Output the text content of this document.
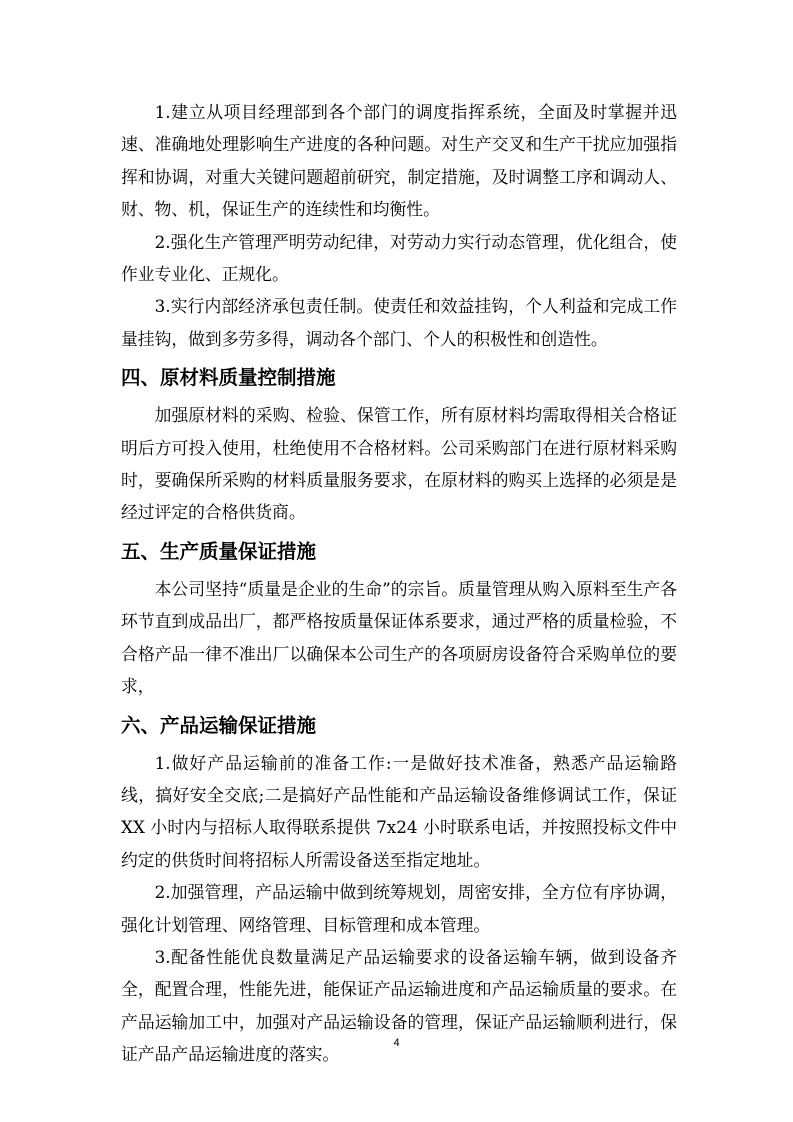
1.建立从项目经理部到各个部门的调度指挥系统，全面及时掌握并迅速、准确地处理影响生产进度的各种问题。对生产交叉和生产干扰应加强指挥和协调，对重大关键问题超前研究，制定措施，及时调整工序和调动人、财、物、机，保证生产的连续性和均衡性。

2.强化生产管理严明劳动纪律，对劳动力实行动态管理，优化组合，使作业专业化、正规化。

3.实行内部经济承包责任制。使责任和效益挂钩，个人利益和完成工作量挂钩，做到多劳多得，调动各个部门、个人的积极性和创造性。

四、原材料质量控制措施

加强原材料的采购、检验、保管工作，所有原材料均需取得相关合格证明后方可投入使用，杜绝使用不合格材料。公司采购部门在进行原材料采购时，要确保所采购的材料质量服务要求，在原材料的购买上选择的必须是是经过评定的合格供货商。

五、生产质量保证措施

本公司坚持“质量是企业的生命”的宗旨。质量管理从购入原料至生产各环节直到成品出厂，都严格按质量保证体系要求，通过严格的质量检验，不合格产品一律不准出厂以确保本公司生产的各项厨房设备符合采购单位的要求，

六、产品运输保证措施

1.做好产品运输前的准备工作:一是做好技术准备，熟悉产品运输路线，搞好安全交底;二是搞好产品性能和产品运输设备维修调试工作，保证 XX 小时内与招标人取得联系提供 7x24 小时联系电话，并按照投标文件中约定的供货时间将招标人所需设备送至指定地址。

2.加强管理，产品运输中做到统筹规划，周密安排，全方位有序协调，强化计划管理、网络管理、目标管理和成本管理。

3.配备性能优良数量满足产品运输要求的设备运输车辆，做到设备齐全，配置合理，性能先进，能保证产品运输进度和产品运输质量的要求。在产品运输加工中，加强对产品运输设备的管理，保证产品运输顺利进行，保证产品产品运输进度的落实。

4
